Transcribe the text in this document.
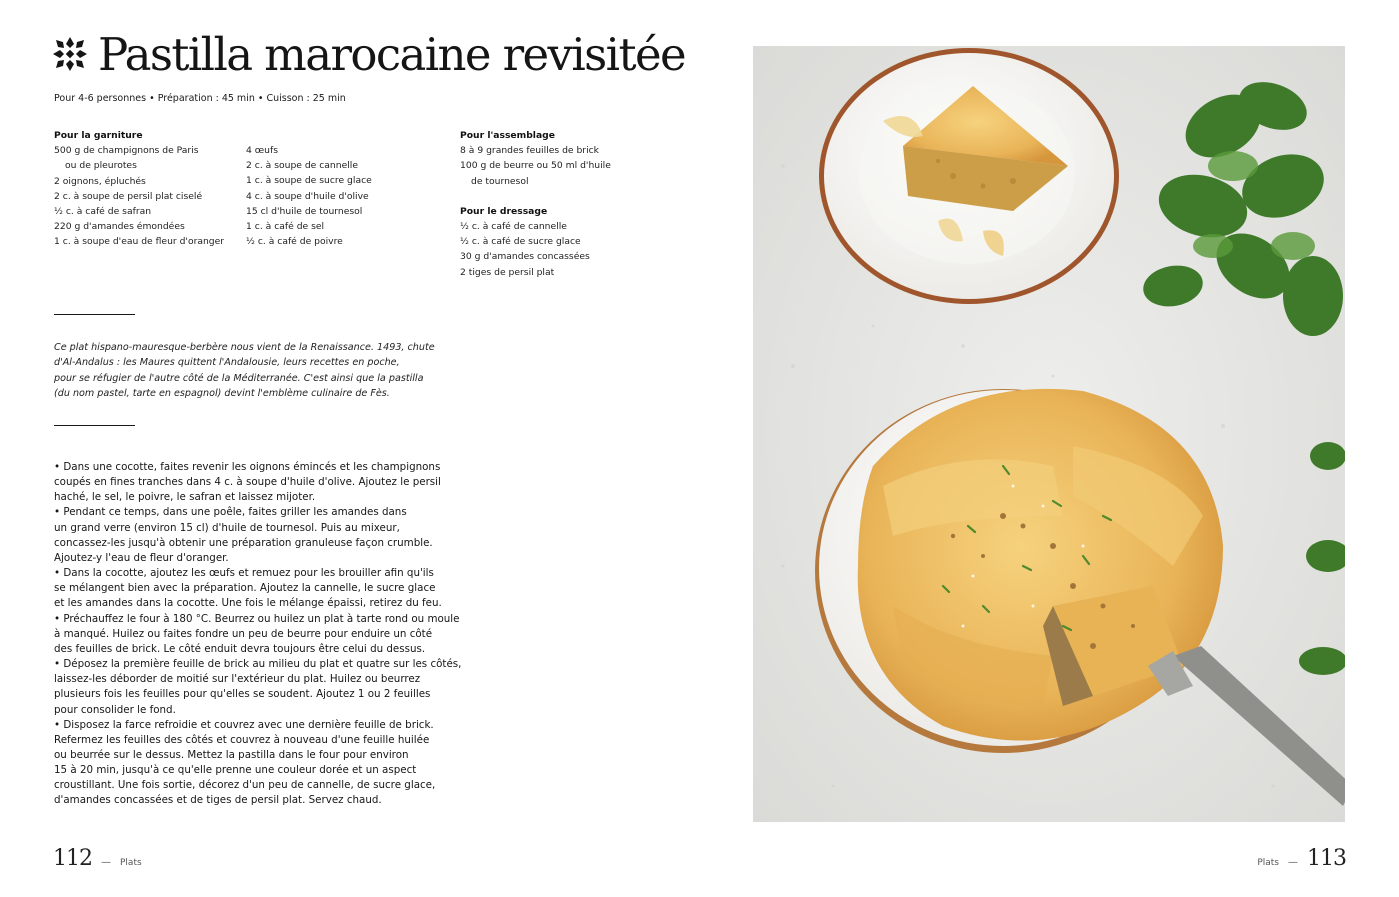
Pastilla marocaine revisitée
Pour 4-6 personnes • Préparation : 45 min • Cuisson : 25 min
Pour la garniture
500 g de champignons de Paris
ou de pleurotes
2 oignons, épluchés
2 c. à soupe de persil plat ciselé
½ c. à café de safran
220 g d'amandes émondées
1 c. à soupe d'eau de fleur d'oranger
4 œufs
2 c. à soupe de cannelle
1 c. à soupe de sucre glace
4 c. à soupe d'huile d'olive
15 cl d'huile de tournesol
1 c. à café de sel
½ c. à café de poivre
Pour l'assemblage
8 à 9 grandes feuilles de brick
100 g de beurre ou 50 ml d'huile
de tournesol
Pour le dressage
½ c. à café de cannelle
½ c. à café de sucre glace
30 g d'amandes concassées
2 tiges de persil plat
Ce plat hispano-mauresque-berbère nous vient de la Renaissance. 1493, chute
d'Al-Andalus : les Maures quittent l'Andalousie, leurs recettes en poche,
pour se réfugier de l'autre côté de la Méditerranée. C'est ainsi que la pastilla
(du nom pastel, tarte en espagnol) devint l'emblème culinaire de Fès.
• Dans une cocotte, faites revenir les oignons émincés et les champignons
coupés en fines tranches dans 4 c. à soupe d'huile d'olive. Ajoutez le persil
haché, le sel, le poivre, le safran et laissez mijoter.
• Pendant ce temps, dans une poêle, faites griller les amandes dans
un grand verre (environ 15 cl) d'huile de tournesol. Puis au mixeur,
concassez-les jusqu'à obtenir une préparation granuleuse façon crumble.
Ajoutez-y l'eau de fleur d'oranger.
• Dans la cocotte, ajoutez les œufs et remuez pour les brouiller afin qu'ils
se mélangent bien avec la préparation. Ajoutez la cannelle, le sucre glace
et les amandes dans la cocotte. Une fois le mélange épaissi, retirez du feu.
• Préchauffez le four à 180 °C. Beurrez ou huilez un plat à tarte rond ou moule
à manqué. Huilez ou faites fondre un peu de beurre pour enduire un côté
des feuilles de brick. Le côté enduit devra toujours être celui du dessus.
• Déposez la première feuille de brick au milieu du plat et quatre sur les côtés,
laissez-les déborder de moitié sur l'extérieur du plat. Huilez ou beurrez
plusieurs fois les feuilles pour qu'elles se soudent. Ajoutez 1 ou 2 feuilles
pour consolider le fond.
• Disposez la farce refroidie et couvrez avec une dernière feuille de brick.
Refermez les feuilles des côtés et couvrez à nouveau d'une feuille huilée
ou beurrée sur le dessus. Mettez la pastilla dans le four pour environ
15 à 20 min, jusqu'à ce qu'elle prenne une couleur dorée et un aspect
croustillant. Une fois sortie, décorez d'un peu de cannelle, de sucre glace,
d'amandes concassées et de tiges de persil plat. Servez chaud.
112 — Plats	Plats — 113
